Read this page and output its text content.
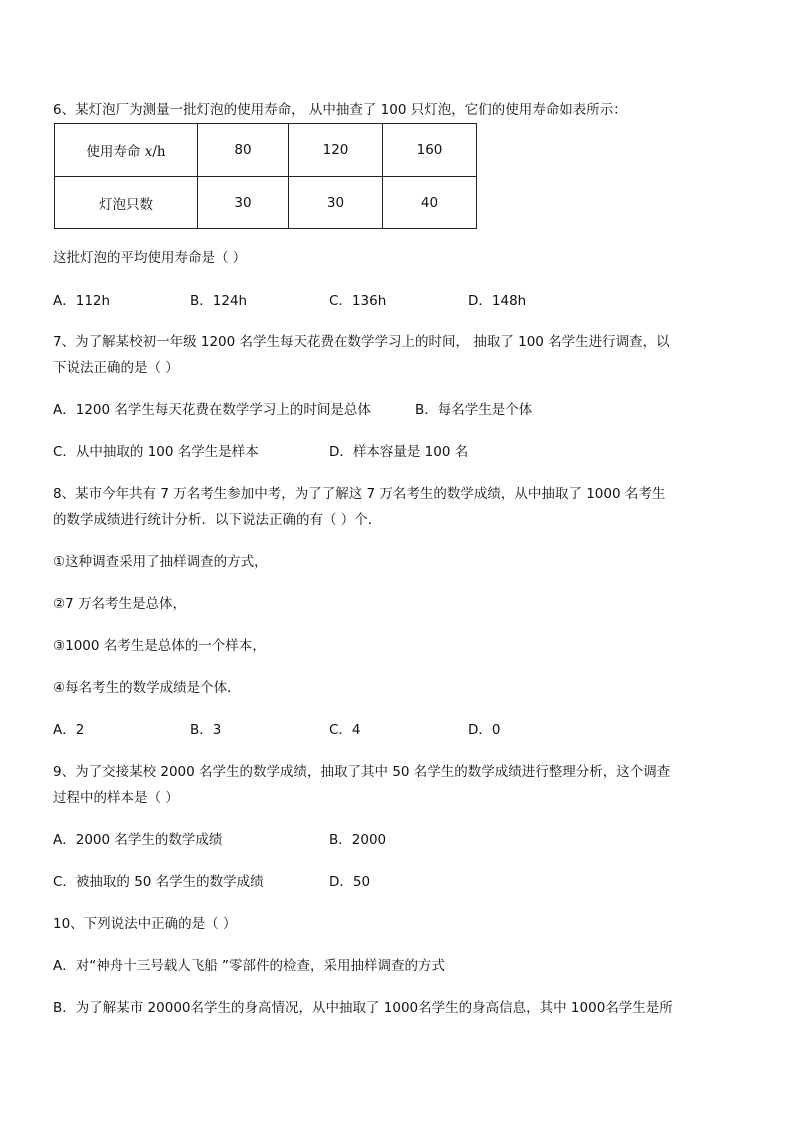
6、某灯泡厂为测量一批灯泡的使用寿命， 从中抽查了 100 只灯泡，它们的使用寿命如表所示：
使用寿命 x/h	80	120	160
灯泡只数	30	30	40
这批灯泡的平均使用寿命是（ ）
A．112h	B．124h	C．136h	D．148h
7、为了解某校初一年级 1200 名学生每天花费在数学学习上的时间， 抽取了 100 名学生进行调查，以
下说法正确的是（ ）
A．1200 名学生每天花费在数学学习上的时间是总体	B．每名学生是个体
C．从中抽取的 100 名学生是样本	D．样本容量是 100 名
8、某市今年共有 7 万名考生参加中考，为了了解这 7 万名考生的数学成绩，从中抽取了 1000 名考生
的数学成绩进行统计分析．以下说法正确的有（ ）个．
①这种调查采用了抽样调查的方式，
②7 万名考生是总体，
③1000 名考生是总体的一个样本，
④每名考生的数学成绩是个体．
A．2	B．3	C．4	D．0
9、为了交接某校 2000 名学生的数学成绩，抽取了其中 50 名学生的数学成绩进行整理分析，这个调查
过程中的样本是（ ）
A．2000 名学生的数学成绩	B．2000
C．被抽取的 50 名学生的数学成绩	D．50
10、下列说法中正确的是（ ）
A．对“神舟十三号载人飞船 ”零部件的检查，采用抽样调查的方式
B．为了解某市 20000名学生的身高情况，从中抽取了 1000名学生的身高信息，其中 1000名学生是所
